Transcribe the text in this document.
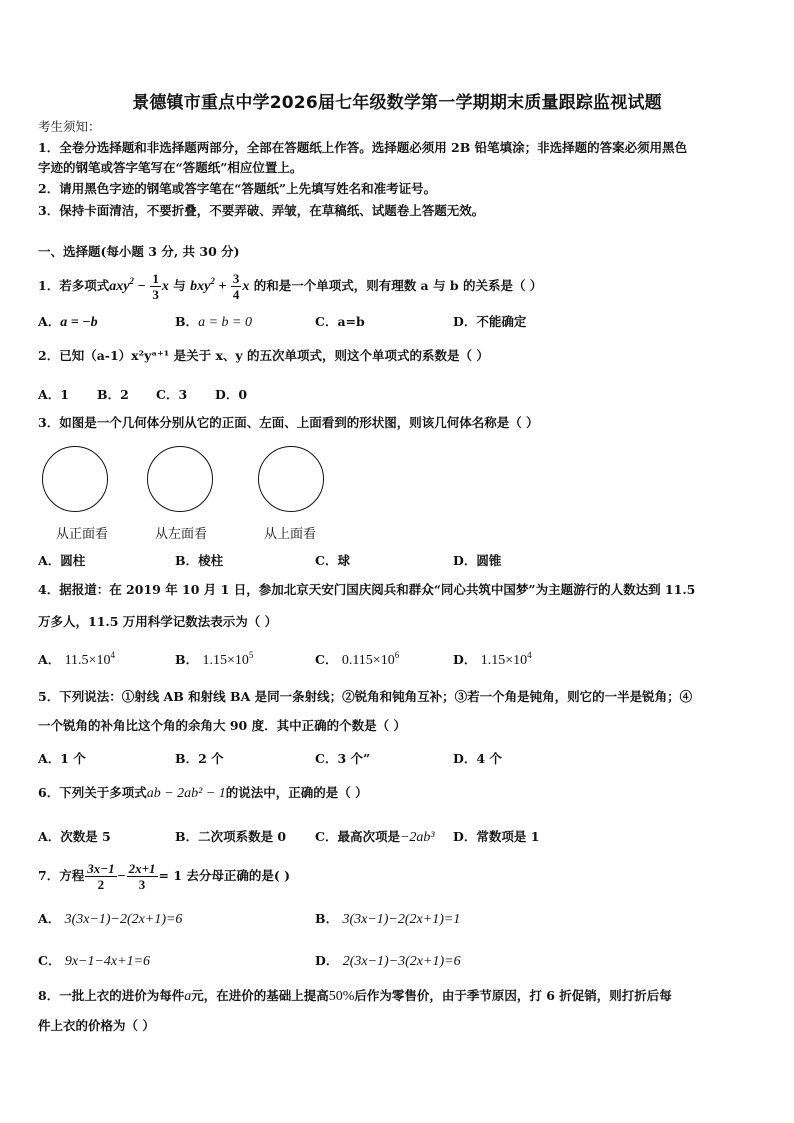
景德镇市重点中学2026届七年级数学第一学期期末质量跟踪监视试题
考生须知：
1．全卷分选择题和非选择题两部分，全部在答题纸上作答。选择题必须用 2B 铅笔填涂；非选择题的答案必须用黑色
字迹的钢笔或答字笔写在“答题纸”相应位置上。
2．请用黑色字迹的钢笔或答字笔在“答题纸”上先填写姓名和准考证号。
3．保持卡面清洁，不要折叠，不要弄破、弄皱，在草稿纸、试题卷上答题无效。
一、选择题(每小题 3 分, 共 30 分)
1．若多项式$axy^2 - \frac{1}{3}$ x 与 $bxy^2 + \frac{3}{4}$ x 的和是一个单项式，则有理数 a 与 b 的关系是（ ）
A．a = −b	B．a = b = 0	C．a=b	D．不能确定
2．已知（a-1）x²yᵃ⁺¹ 是关于 x、y 的五次单项式，则这个单项式的系数是（ ）
A．1 B．2 C．3 D．0
3．如图是一个几何体分别从它的正面、左面、上面看到的形状图，则该几何体名称是（ ）
从正面看	从左面看	从上面看
A．圆柱	B．棱柱	C．球	D．圆锥
4．据报道：在 2019 年 10 月 1 日，参加北京天安门国庆阅兵和群众“同心共筑中国梦”为主题游行的人数达到 11.5
万多人，11.5 万用科学记数法表示为（ ）
A． $11.5\times 10^4$	B． $1.15\times 10^5$	C． $0.115\times 10^6$	D． $1.15\times 10^4$
5．下列说法：①射线 AB 和射线 BA 是同一条射线；②锐角和钝角互补；③若一个角是钝角，则它的一半是锐角；④
一个锐角的补角比这个角的余角大 90 度．其中正确的个数是（ ）
A．1 个	B．2 个	C．3 个”	D．4 个
6．下列关于多项式ab − 2ab² − 1的说法中，正确的是（ ）
A．次数是 5	B．二次项系数是 0 C．最高次项是−2ab³ D．常数项是 1
7．方程 $\frac{3x-1}{2} - \frac{2x+1}{3} = 1$ 去分母正确的是( )
A． 3(3x−1)−2(2x+1)=6	B． 3(3x−1)−2(2x+1)=1
C． 9x−1−4x+1=6	D． 2(3x−1)−3(2x+1)=6
8．一批上衣的进价为每件a元，在进价的基础上提高50%后作为零售价，由于季节原因，打 6 折促销，则打折后每
件上衣的价格为（ ）
